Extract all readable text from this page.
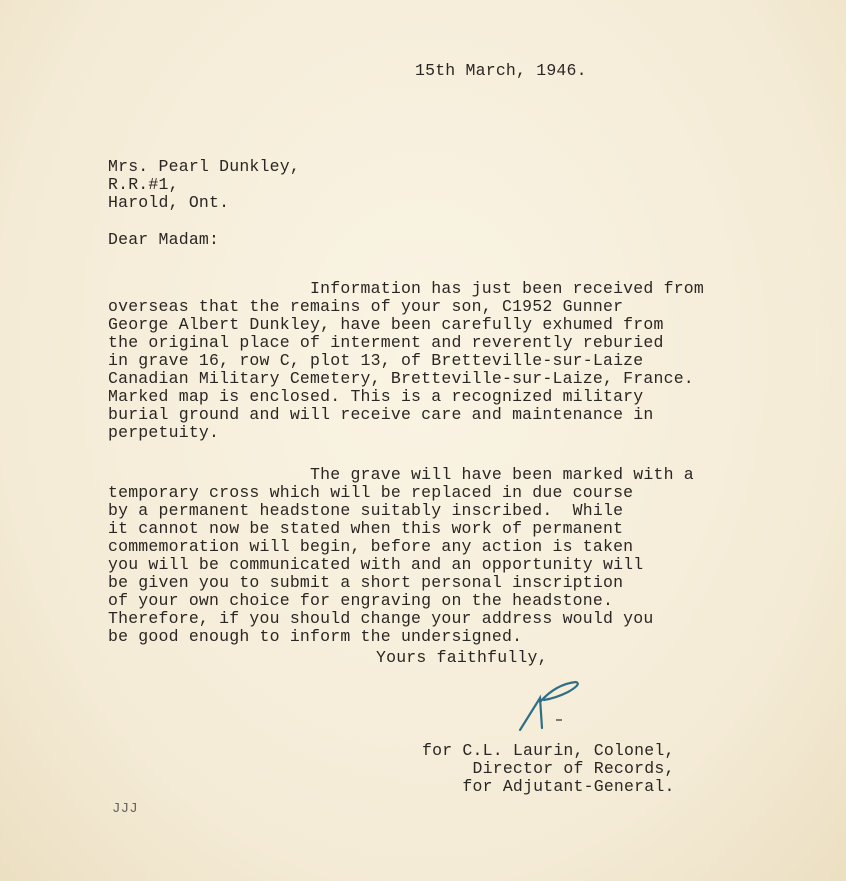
15th March, 1946.
Mrs. Pearl Dunkley,
R.R.#1,
Harold, Ont.
Dear Madam:

Information has just been received from
overseas that the remains of your son, C1952 Gunner
George Albert Dunkley, have been carefully exhumed from
the original place of interment and reverently reburied
in grave 16, row C, plot 13, of Bretteville-sur-Laize
Canadian Military Cemetery, Bretteville-sur-Laize, France.
Marked map is enclosed. This is a recognized military
burial ground and will receive care and maintenance in
perpetuity.

The grave will have been marked with a
temporary cross which will be replaced in due course
by a permanent headstone suitably inscribed.  While
it cannot now be stated when this work of permanent
commemoration will begin, before any action is taken
you will be communicated with and an opportunity will
be given you to submit a short personal inscription
of your own choice for engraving on the headstone.
Therefore, if you should change your address would you
be good enough to inform the undersigned.

Yours faithfully,
for C.L. Laurin, Colonel,
Director of Records,
for Adjutant-General.
JJJ
